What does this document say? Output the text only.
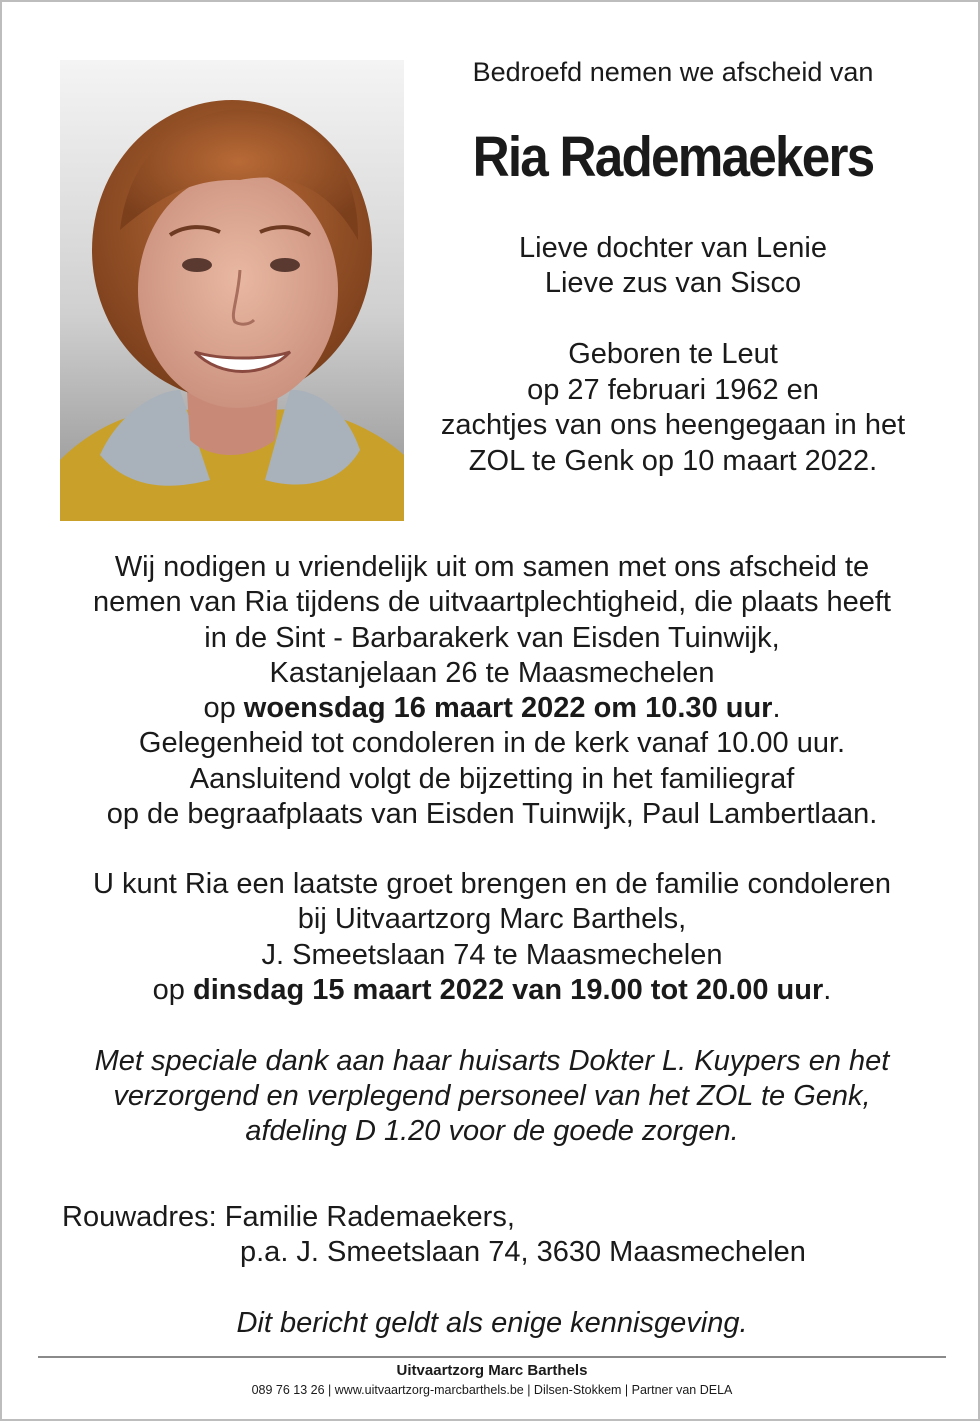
Bedroefd nemen we afscheid van
Ria Rademaekers
Lieve dochter van Lenie
Lieve zus van Sisco
Geboren te Leut
op 27 februari 1962 en
zachtjes van ons heengegaan in het
ZOL te Genk op 10 maart 2022.

Wij nodigen u vriendelijk uit om samen met ons afscheid te

nemen van Ria tijdens de uitvaartplechtigheid, die plaats heeft

in de Sint - Barbarakerk van Eisden Tuinwijk,

Kastanjelaan 26 te Maasmechelen

op woensdag 16 maart 2022 om 10.30 uur.

Gelegenheid tot condoleren in de kerk vanaf 10.00 uur.

Aansluitend volgt de bijzetting in het familiegraf

op de begraafplaats van Eisden Tuinwijk, Paul Lambertlaan.

U kunt Ria een laatste groet brengen en de familie condoleren

bij Uitvaartzorg Marc Barthels,

J. Smeetslaan 74 te Maasmechelen

op dinsdag 15 maart 2022 van 19.00 tot 20.00 uur.

Met speciale dank aan haar huisarts Dokter L. Kuypers en het

verzorgend en verplegend personeel van het ZOL te Genk,

afdeling D 1.20 voor de goede zorgen.

Rouwadres: Familie Rademaekers,
p.a. J. Smeetslaan 74, 3630 Maasmechelen
Dit bericht geldt als enige kennisgeving.
Uitvaartzorg Marc Barthels
089 76 13 26 | www.uitvaartzorg-marcbarthels.be | Dilsen-Stokkem | Partner van DELA
